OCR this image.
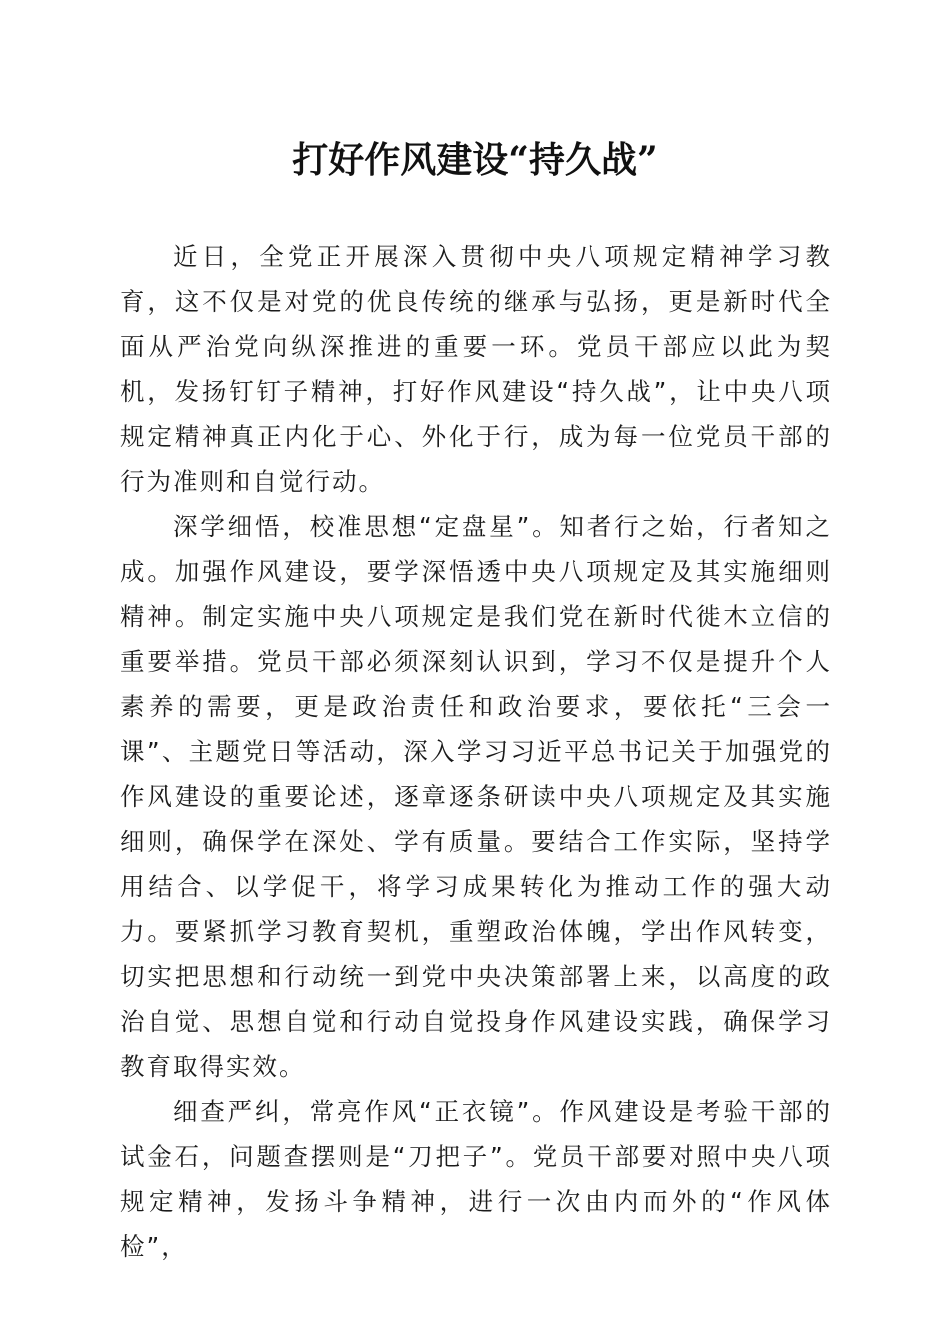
打好作风建设“持久战”

近日，全党正开展深入贯彻中央八项规定精神学习教育，这不仅是对党的优良传统的继承与弘扬，更是新时代全面从严治党向纵深推进的重要一环。党员干部应以此为契机，发扬钉钉子精神，打好作风建设“持久战”，让中央八项规定精神真正内化于心、外化于行，成为每一位党员干部的行为准则和自觉行动。

深学细悟，校准思想“定盘星”。知者行之始，行者知之成。加强作风建设，要学深悟透中央八项规定及其实施细则精神。制定实施中央八项规定是我们党在新时代徙木立信的重要举措。党员干部必须深刻认识到，学习不仅是提升个人素养的需要，更是政治责任和政治要求，要依托“三会一课”、主题党日等活动，深入学习习近平总书记关于加强党的作风建设的重要论述，逐章逐条研读中央八项规定及其实施细则，确保学在深处、学有质量。要结合工作实际，坚持学用结合、以学促干，将学习成果转化为推动工作的强大动力。要紧抓学习教育契机，重塑政治体魄，学出作风转变，切实把思想和行动统一到党中央决策部署上来，以高度的政治自觉、思想自觉和行动自觉投身作风建设实践，确保学习教育取得实效。

细查严纠，常亮作风“正衣镜”。作风建设是考验干部的试金石，问题查摆则是“刀把子”。党员干部要对照中央八项规定精神，发扬斗争精神，进行一次由内而外的“作风体检”，
